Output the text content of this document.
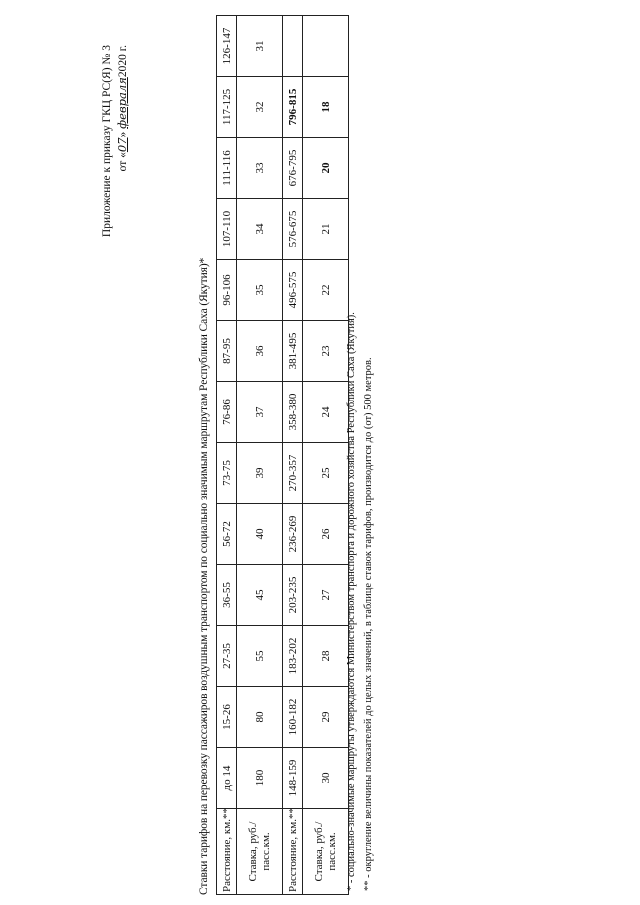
Приложение к приказу ГКЦ РС(Я) № 3 от «07» февраля2020 г.
Ставки тарифов на перевозку пассажиров воздушным транспортом по социально значимым маршрутам Республики Саха (Якутия)* Расстояние, км.**	до 14	15-26	27-35	36-55	56-72	73-75	76-86	87-95	96-106	107-110	111-116	117-125	126-147
Ставка, руб./пасс.км.	180	80	55	45	40	39	37	36	35	34	33	32	31
Расстояние, км.**	148-159	160-182	183-202	203-235	236-269	270-357	358-380	381-495	496-575	576-675	676-795	796-815	
Ставка, руб./пасс.км.	30	29	28	27	26	25	24	23	22	21	20	18	
* - социально-значимые маршруты утверждаются Министерством транспорта и дорожного хозяйства Республики Саха (Якутия). ** - округление величины показателей до целых значений, в таблице ставок тарифов, производится до (от) 500 метров.
